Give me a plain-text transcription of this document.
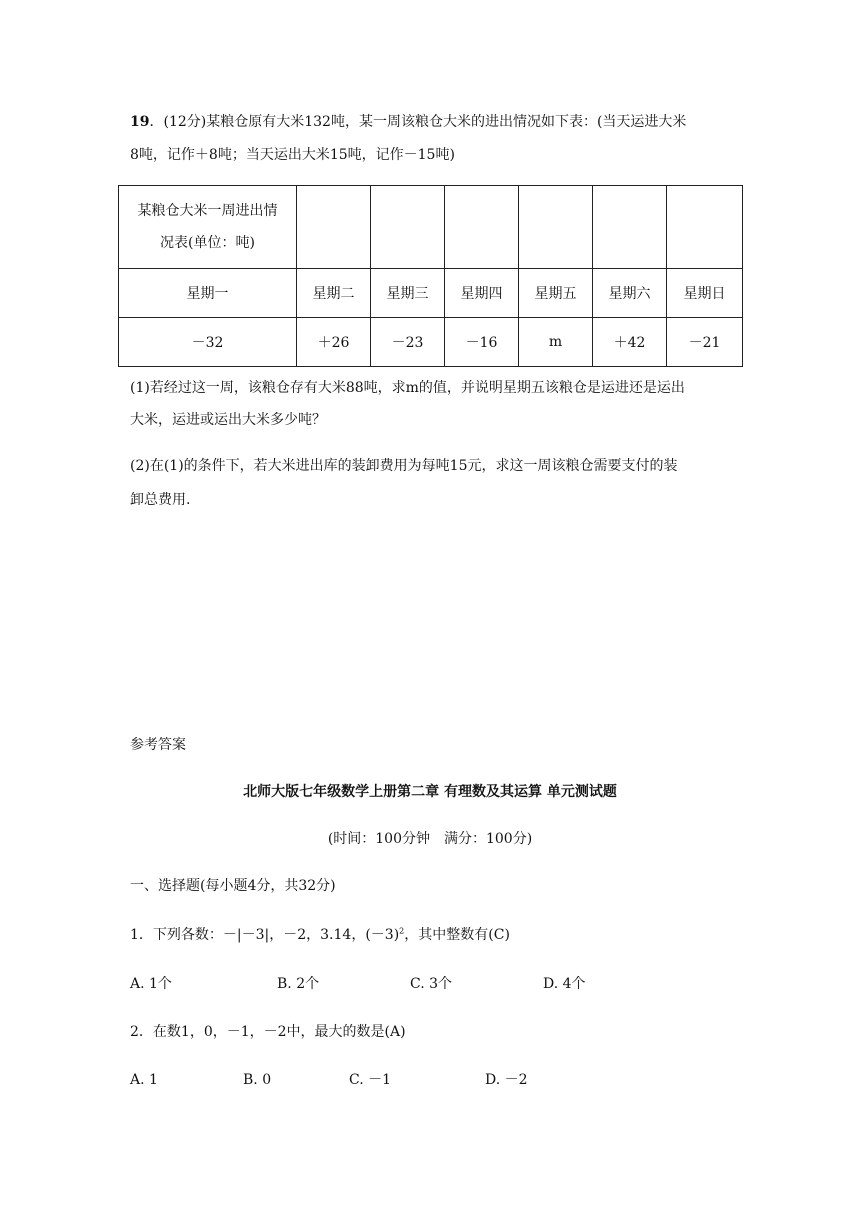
19．(12分)某粮仓原有大米132吨，某一周该粮仓大米的进出情况如下表：(当天运进大米
8吨，记作＋8吨；当天运出大米15吨，记作－15吨)
某粮仓大米一周进出情
况表(单位：吨)						

星期一	星期二	星期三	星期四	星期五	星期六	星期日
－32	＋26	－23	－16	m	＋42	－21
(1)若经过这一周，该粮仓存有大米88吨，求m的值，并说明星期五该粮仓是运进还是运出
大米，运进或运出大米多少吨？
(2)在(1)的条件下，若大米进出库的装卸费用为每吨15元，求这一周该粮仓需要支付的装
卸总费用.
参考答案
北师大版七年级数学上册第二章 有理数及其运算 单元测试题
(时间：100分钟　满分：100分)
一、选择题(每小题4分，共32分)
1．下列各数：－|－3|，－2，3.14，$(-3)^2$，其中整数有(C)
A. 1个	B. 2个	C. 3个	D. 4个
2．在数1，0，－1，－2中，最大的数是(A)
A. 1	B. 0	C. －1	D. －2
